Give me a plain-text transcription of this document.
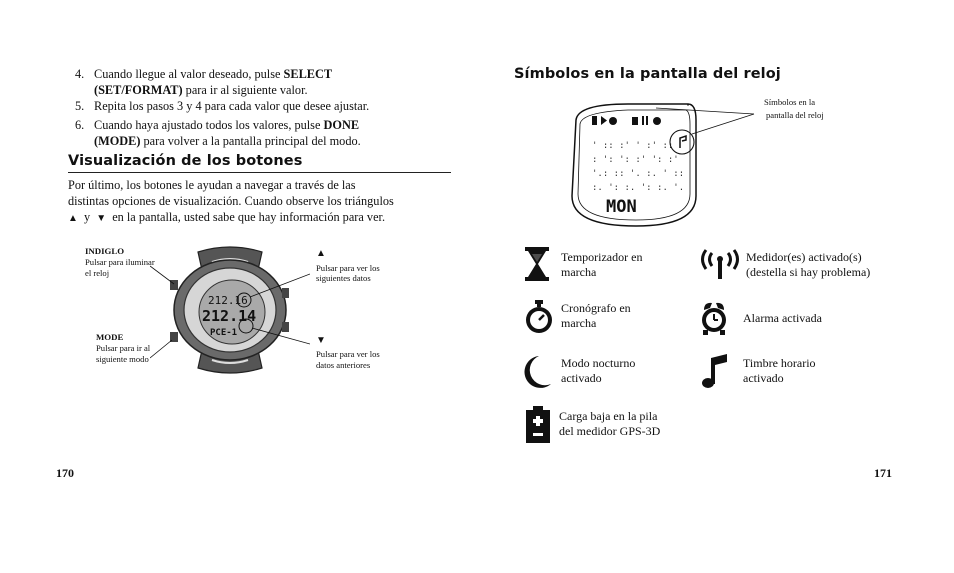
4. Cuando llegue al valor deseado, pulse SELECT
(SET/FORMAT) para ir al siguiente valor.
5. Repita los pasos 3 y 4 para cada valor que desee ajustar.
6. Cuando haya ajustado todos los valores, pulse DONE
(MODE) para volver a la pantalla principal del modo.
Visualización de los botones
Por último, los botones le ayudan a navegar a través de las
distintas opciones de visualización. Cuando observe los triángulos
▲ y ▼ en la pantalla, usted sabe que hay información para ver.
INDIGLO
Pulsar para iluminar
el reloj
MODE
Pulsar para ir al
siguiente modo
▲
Pulsar para ver los
siguientes datos
▼
Pulsar para ver los
datos anteriores
212.16
212.14
PCE-1
170
Símbolos en la pantalla del reloj
' :: :' ' :' ::
: ': ': :' ': :'
'.: :: '. :. ' ::
:. ': :. ': :. '.
MON
Símbolos en la
pantalla del reloj
Temporizador en
marcha
Medidor(es) activado(s)
(destella si hay problema)
Cronógrafo en
marcha	Alarma activada
Modo nocturno
activado
Timbre horario
activado
Carga baja en la pila
del medidor GPS-3D
171
